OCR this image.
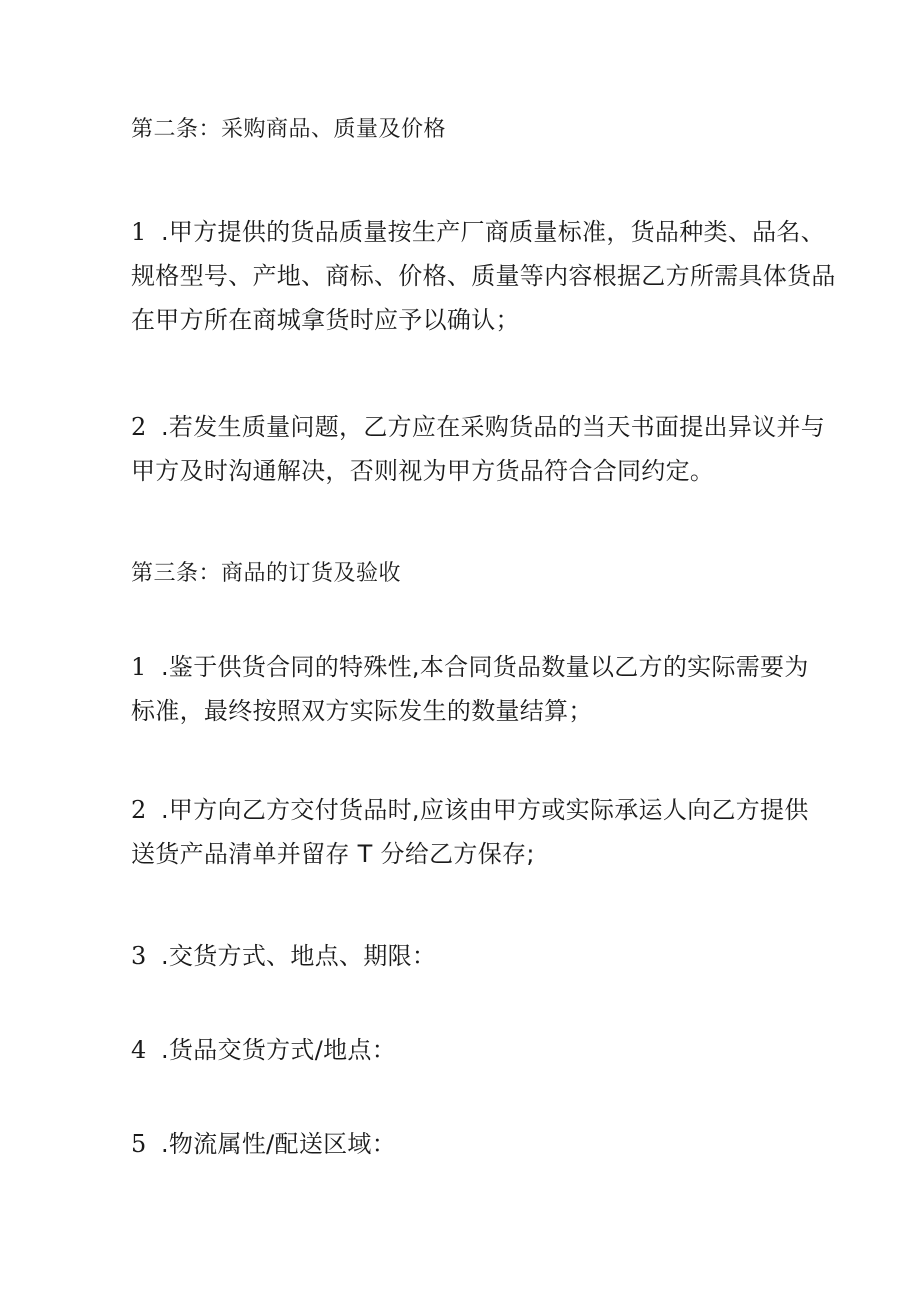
第二条：采购商品、质量及价格
1 .甲方提供的货品质量按生产厂商质量标准，货品种类、品名、
规格型号、产地、商标、价格、质量等内容根据乙方所需具体货品
在甲方所在商城拿货时应予以确认；
2 .若发生质量问题，乙方应在采购货品的当天书面提出异议并与
甲方及时沟通解决，否则视为甲方货品符合合同约定。
第三条：商品的订货及验收
1 .鉴于供货合同的特殊性,本合同货品数量以乙方的实际需要为
标准，最终按照双方实际发生的数量结算；
2 .甲方向乙方交付货品时,应该由甲方或实际承运人向乙方提供
送货产品清单并留存 T 分给乙方保存;
3 .交货方式、地点、期限：
4 .货品交货方式/地点：
5 .物流属性/配送区域：
